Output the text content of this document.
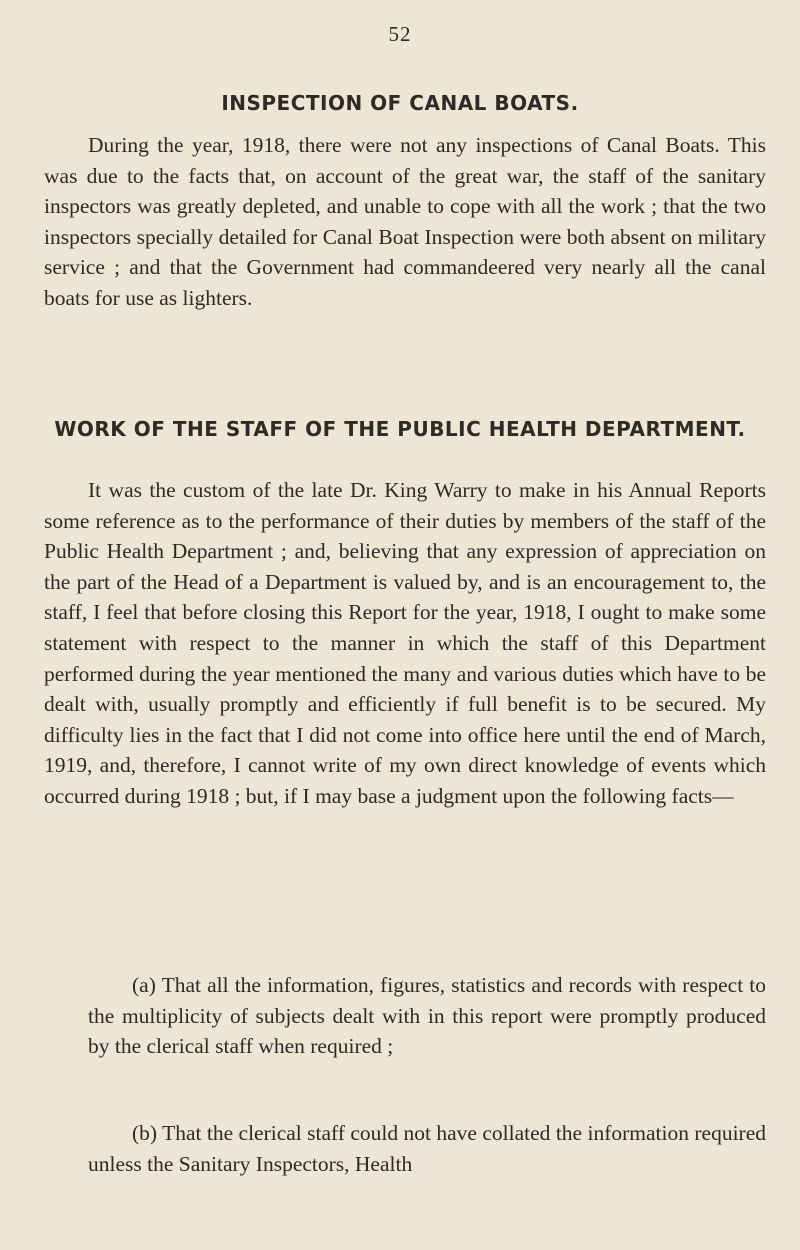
52
INSPECTION OF CANAL BOATS.

During the year, 1918, there were not any inspections of Canal Boats. This was due to the facts that, on account of the great war, the staff of the sanitary inspectors was greatly depleted, and unable to cope with all the work ; that the two inspectors specially detailed for Canal Boat Inspection were both absent on military service ; and that the Government had commandeered very nearly all the canal boats for use as lighters.

WORK OF THE STAFF OF THE PUBLIC HEALTH DEPARTMENT.

It was the custom of the late Dr. King Warry to make in his Annual Reports some reference as to the performance of their duties by members of the staff of the Public Health Department ; and, believing that any expression of appreciation on the part of the Head of a Department is valued by, and is an encouragement to, the staff, I feel that before closing this Report for the year, 1918, I ought to make some statement with respect to the manner in which the staff of this Department performed during the year mentioned the many and various duties which have to be dealt with, usually promptly and efficiently if full benefit is to be secured. My difficulty lies in the fact that I did not come into office here until the end of March, 1919, and, therefore, I cannot write of my own direct knowledge of events which occurred during 1918 ; but, if I may base a judgment upon the following facts—

(a) That all the information, figures, statistics and records with respect to the multiplicity of subjects dealt with in this report were promptly produced by the clerical staff when required ;

(b) That the clerical staff could not have collated the information required unless the Sanitary Inspectors, Health
